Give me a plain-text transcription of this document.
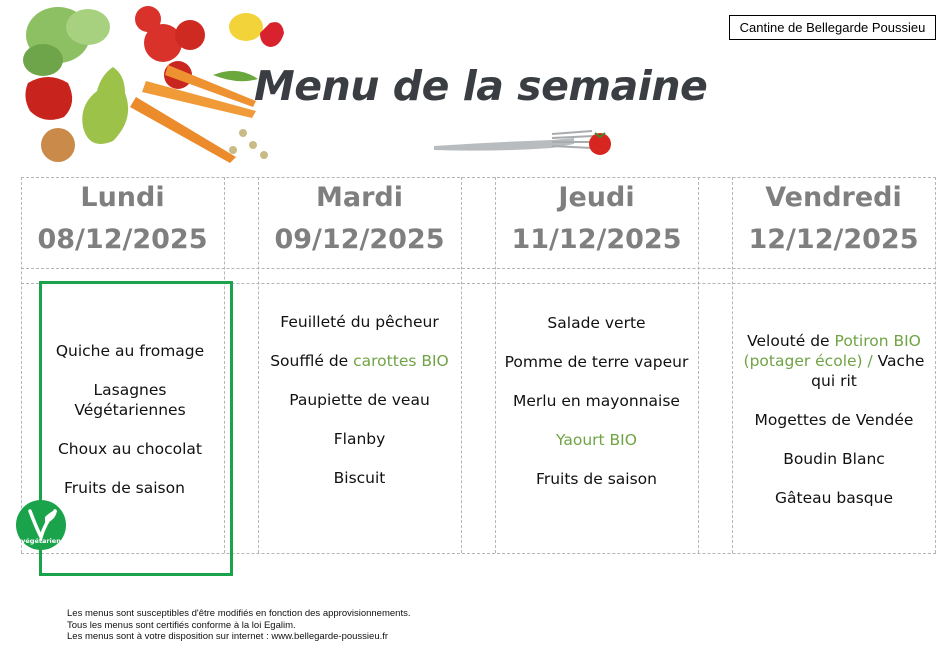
Cantine de Bellegarde Poussieu
Menu de la semaine
Lundi
08/12/2025
Mardi
09/12/2025
Jeudi
11/12/2025
Vendredi
12/12/2025
Quiche au fromage
Lasagnes Végétariennes
Choux au chocolat
Fruits de saison
Feuilleté du pêcheur
Soufflé de carottes BIO
Paupiette de veau
Flanby
Biscuit
Salade verte
Pomme de terre vapeur
Merlu en mayonnaise
Yaourt BIO
Fruits de saison
Velouté de Potiron BIO (potager école) / Vache qui rit
Mogettes de Vendée
Boudin Blanc
Gâteau basque
végétarien
Les menus sont susceptibles d'être modifiés en fonction des approvisionnements.
Tous les menus sont certifiés conforme à la loi Egalim.
Les menus sont à votre disposition sur internet : www.bellegarde-poussieu.fr
